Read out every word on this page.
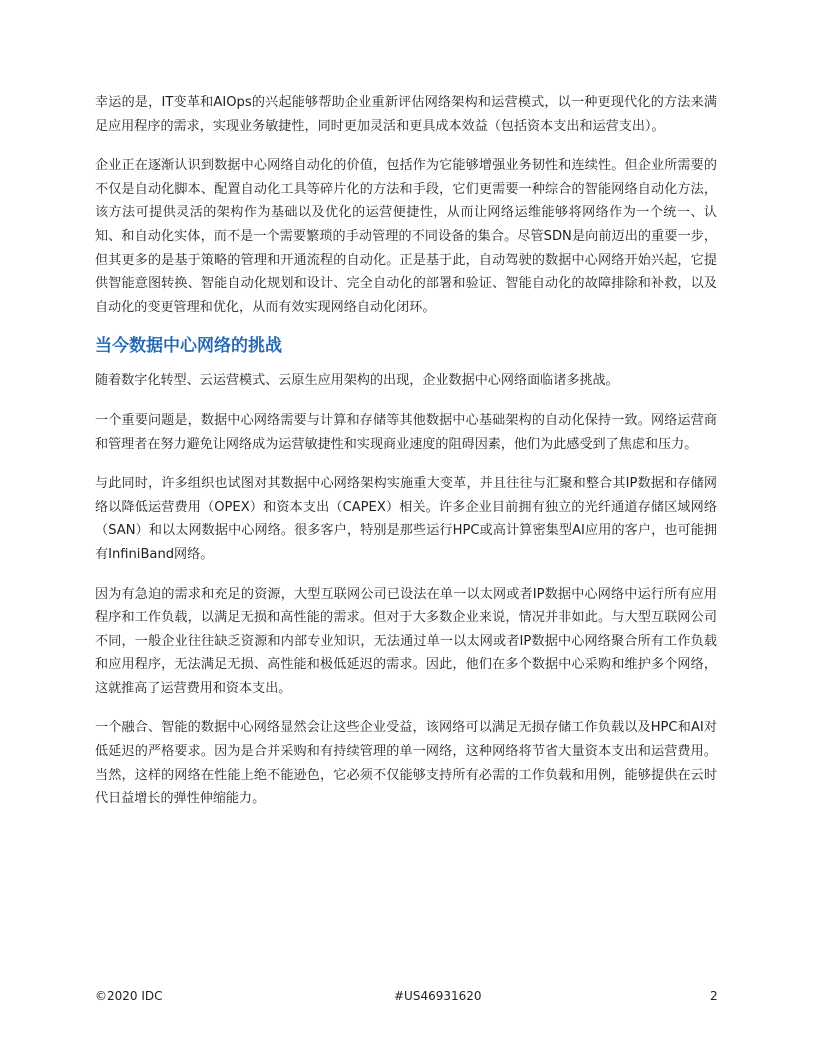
幸运的是，IT变革和AIOps的兴起能够帮助企业重新评估网络架构和运营模式，以一种更现代化的方法来满足应用程序的需求，实现业务敏捷性，同时更加灵活和更具成本效益（包括资本支出和运营支出）。

企业正在逐渐认识到数据中心网络自动化的价值，包括作为它能够增强业务韧性和连续性。但企业所需要的不仅是自动化脚本、配置自动化工具等碎片化的方法和手段，它们更需要一种综合的智能网络自动化方法，该方法可提供灵活的架构作为基础以及优化的运营便捷性，从而让网络运维能够将网络作为一个统一、认知、和自动化实体，而不是一个需要繁琐的手动管理的不同设备的集合。尽管SDN是向前迈出的重要一步，但其更多的是基于策略的管理和开通流程的自动化。正是基于此，自动驾驶的数据中心网络开始兴起，它提供智能意图转换、智能自动化规划和设计、完全自动化的部署和验证、智能自动化的故障排除和补救，以及自动化的变更管理和优化，从而有效实现网络自动化闭环。

当今数据中心网络的挑战

随着数字化转型、云运营模式、云原生应用架构的出现，企业数据中心网络面临诸多挑战。

一个重要问题是，数据中心网络需要与计算和存储等其他数据中心基础架构的自动化保持一致。网络运营商和管理者在努力避免让网络成为运营敏捷性和实现商业速度的阻碍因素，他们为此感受到了焦虑和压力。

与此同时，许多组织也试图对其数据中心网络架构实施重大变革，并且往往与汇聚和整合其IP数据和存储网络以降低运营费用（OPEX）和资本支出（CAPEX）相关。许多企业目前拥有独立的光纤通道存储区域网络（SAN）和以太网数据中心网络。很多客户，特别是那些运行HPC或高计算密集型AI应用的客户，也可能拥有InfiniBand网络。

因为有急迫的需求和充足的资源，大型互联网公司已设法在单一以太网或者IP数据中心网络中运行所有应用程序和工作负载，以满足无损和高性能的需求。但对于大多数企业来说，情况并非如此。与大型互联网公司不同，一般企业往往缺乏资源和内部专业知识，无法通过单一以太网或者IP数据中心网络聚合所有工作负载和应用程序，无法满足无损、高性能和极低延迟的需求。因此，他们在多个数据中心采购和维护多个网络，这就推高了运营费用和资本支出。

一个融合、智能的数据中心网络显然会让这些企业受益，该网络可以满足无损存储工作负载以及HPC和AI对低延迟的严格要求。因为是合并采购和有持续管理的单一网络，这种网络将节省大量资本支出和运营费用。当然，这样的网络在性能上绝不能逊色，它必须不仅能够支持所有必需的工作负载和用例，能够提供在云时代日益增长的弹性伸缩能力。

©2020 IDC	#US46931620	2
